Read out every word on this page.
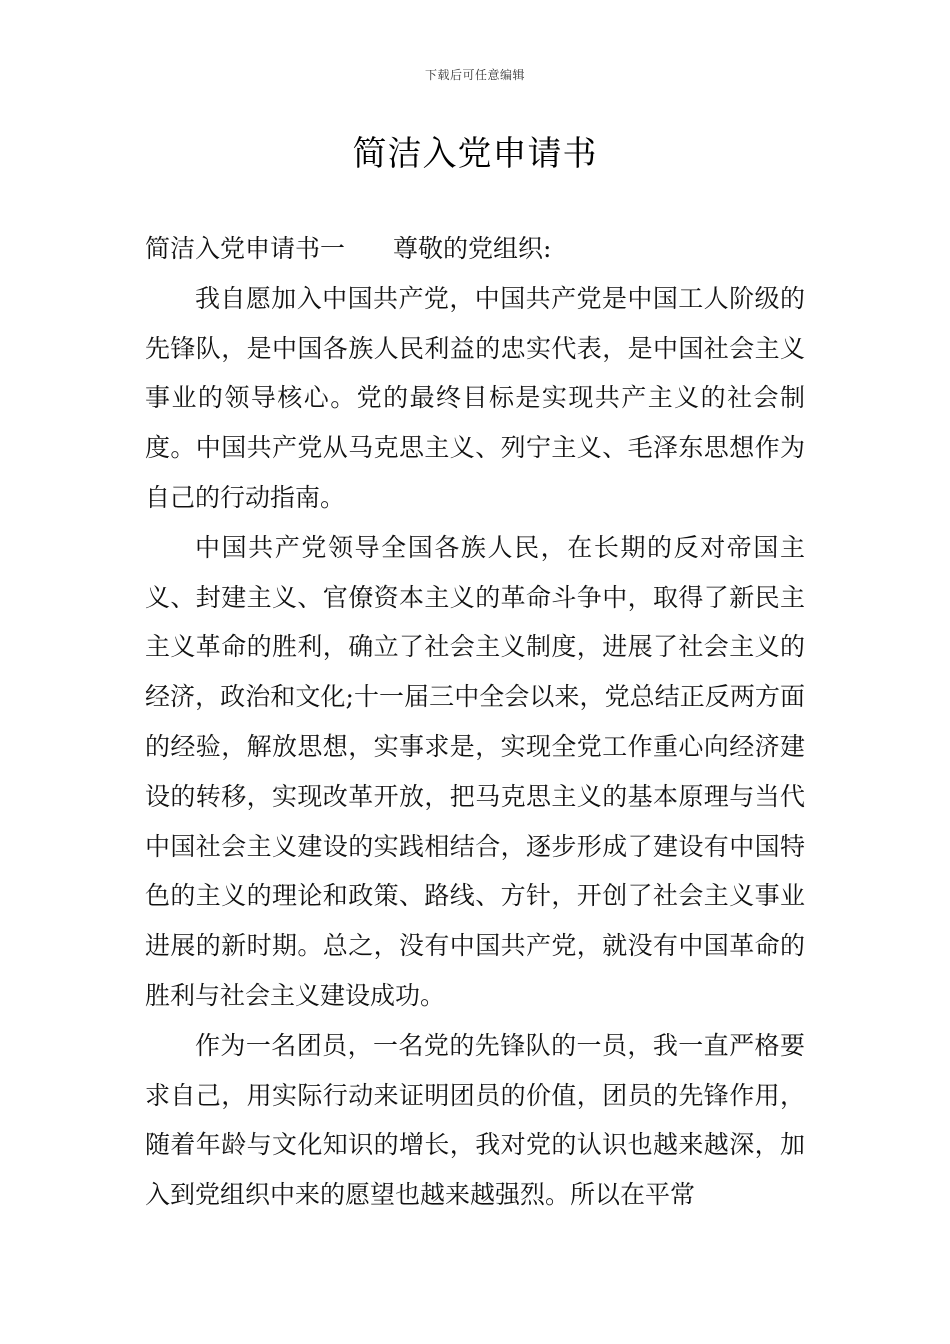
下载后可任意编辑
简洁入党申请书

简洁入党申请书一 尊敬的党组织:

我自愿加入中国共产党，中国共产党是中国工人阶级的先锋队，是中国各族人民利益的忠实代表，是中国社会主义事业的领导核心。党的最终目标是实现共产主义的社会制度。中国共产党从马克思主义、列宁主义、毛泽东思想作为自己的行动指南。

中国共产党领导全国各族人民，在长期的反对帝国主义、封建主义、官僚资本主义的革命斗争中，取得了新民主主义革命的胜利，确立了社会主义制度，进展了社会主义的经济，政治和文化;十一届三中全会以来，党总结正反两方面的经验，解放思想，实事求是，实现全党工作重心向经济建设的转移，实现改革开放，把马克思主义的基本原理与当代中国社会主义建设的实践相结合，逐步形成了建设有中国特色的主义的理论和政策、路线、方针，开创了社会主义事业进展的新时期。总之，没有中国共产党，就没有中国革命的胜利与社会主义建设成功。

作为一名团员，一名党的先锋队的一员，我一直严格要求自己，用实际行动来证明团员的价值，团员的先锋作用，随着年龄与文化知识的增长，我对党的认识也越来越深，加入到党组织中来的愿望也越来越强烈。所以在平常
